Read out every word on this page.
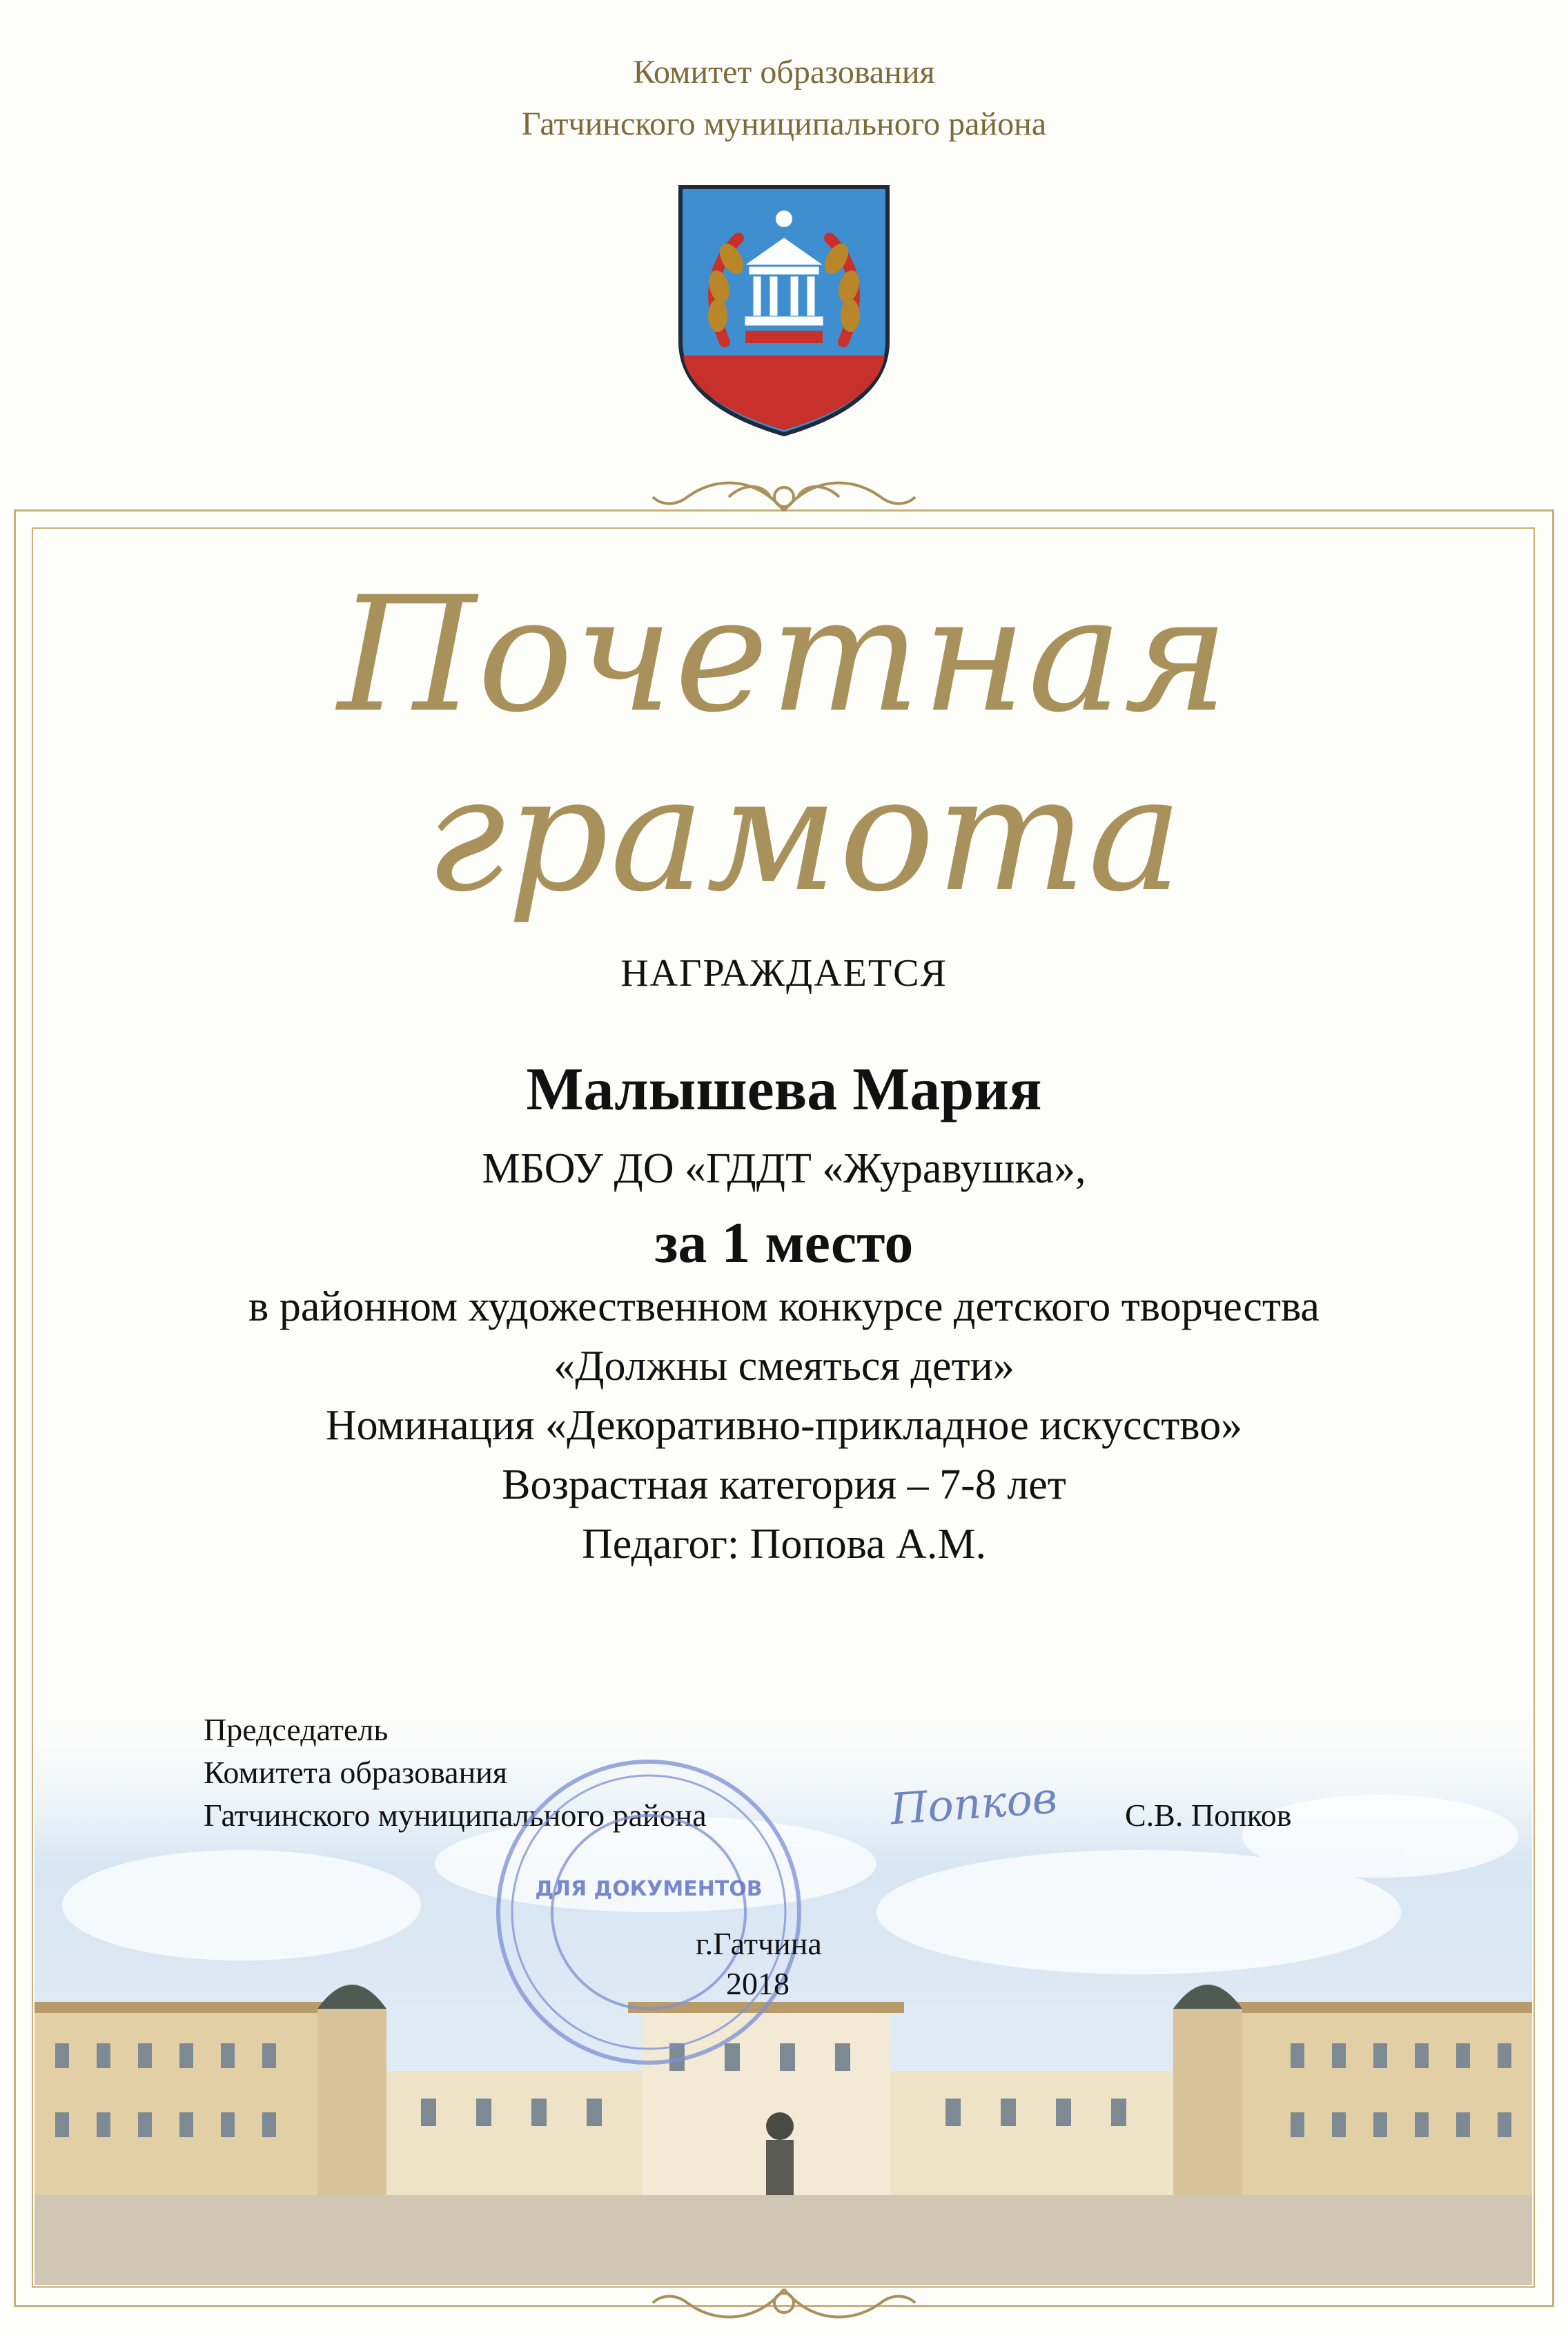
Комитет образования
Гатчинского муниципального района
Почетная
грамота
НАГРАЖДАЕТСЯ
Малышева Мария
МБОУ ДО «ГДДТ «Журавушка»,
за 1 место
в районном художественном конкурсе детского творчества
«Должны смеяться дети»
Номинация «Декоративно-прикладное искусство»
Возрастная категория – 7-8 лет
Педагог: Попова А.М.
Председатель
Комитета образования
Гатчинского муниципального района	Попков С.В. Попков
ДЛЯ ДОКУМЕНТОВ
г.Гатчина
2018
